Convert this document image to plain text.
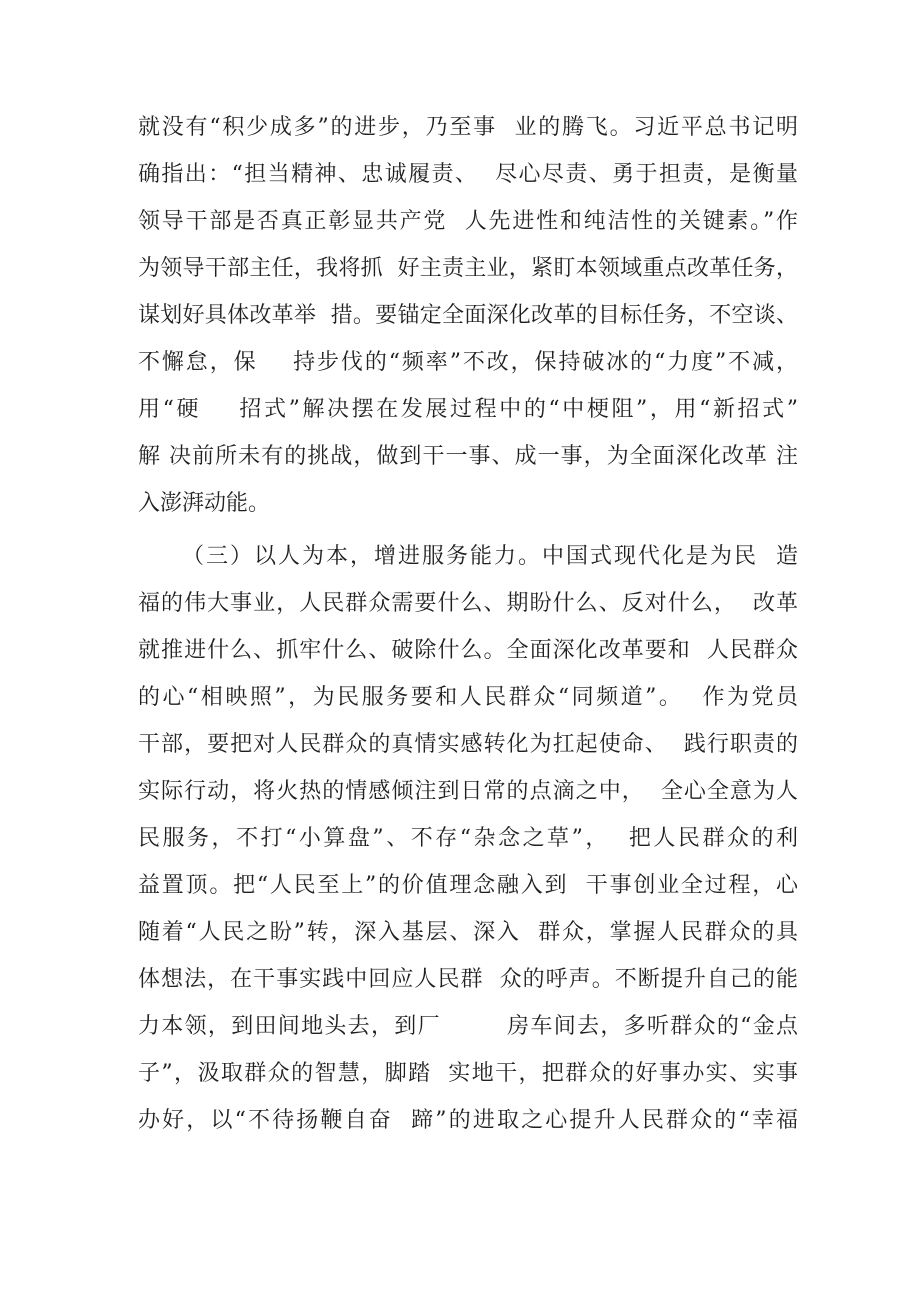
就没有“积少成多”的进步，乃至事  业的腾飞。习近平总书记明
确指出：“担当精神、忠诚履责、  尽心尽责、勇于担责，是衡量
领导干部是否真正彰显共产党  人先进性和纯洁性的关键素。”作
为领导干部主任，我将抓  好主责主业，紧盯本领域重点改革任务，
谋划好具体改革举  措。要锚定全面深化改革的目标任务，不空谈、
不懈怠，保    持步伐的“频率”不改，保持破冰的“力度”不减，
用“硬    招式”解决摆在发展过程中的“中梗阻”，用“新招式”
解 决前所未有的挑战，做到干一事、成一事，为全面深化改革 注
入澎湃动能。
（三）以人为本，增进服务能力。中国式现代化是为民  造
福的伟大事业，人民群众需要什么、期盼什么、反对什么，  改革
就推进什么、抓牢什么、破除什么。全面深化改革要和  人民群众
的心“相映照”，为民服务要和人民群众“同频道”。  作为党员
干部，要把对人民群众的真情实感转化为扛起使命、  践行职责的
实际行动，将火热的情感倾注到日常的点滴之中，  全心全意为人
民服务，不打“小算盘”、不存“杂念之草”，  把人民群众的利
益置顶。把“人民至上”的价值理念融入到  干事创业全过程，心
随着“人民之盼”转，深入基层、深入  群众，掌握人民群众的具
体想法，在干事实践中回应人民群  众的呼声。不断提升自己的能
力本领，到田间地头去，到厂        房车间去，多听群众的“金点
子”，汲取群众的智慧，脚踏  实地干，把群众的好事办实、实事
办好，以“不待扬鞭自奋  蹄”的进取之心提升人民群众的“幸福
